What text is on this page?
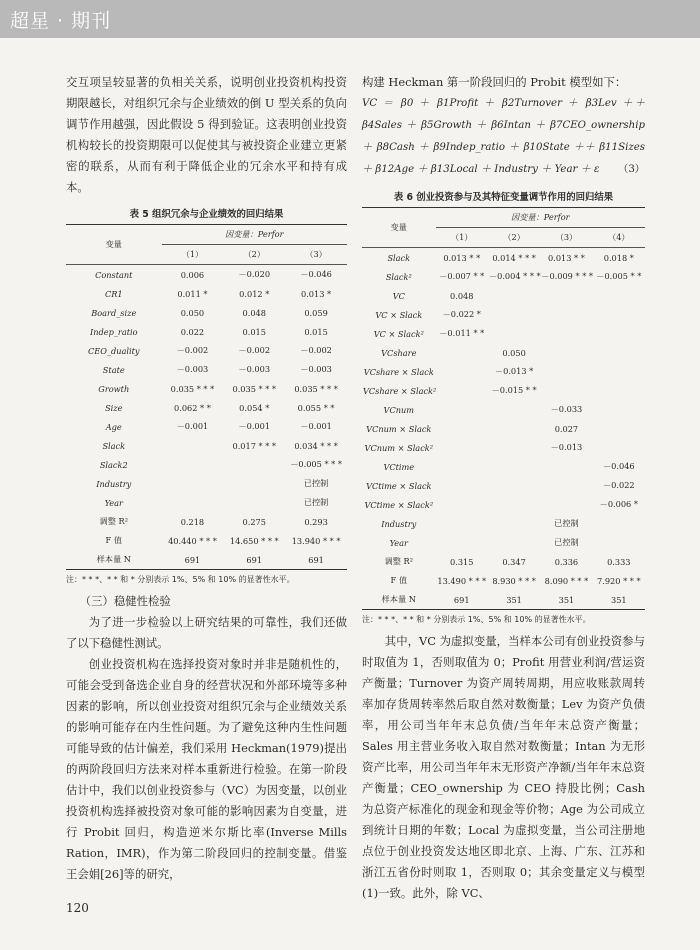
超星 · 期刊

交互项呈较显著的负相关关系，说明创业投资机构投资期限越长，对组织冗余与企业绩效的倒 U 型关系的负向调节作用越强，因此假设 5 得到验证。这表明创业投资机构较长的投资期限可以促使其与被投资企业建立更紧密的联系，从而有利于降低企业的冗余水平和持有成本。

表 5 组织冗余与企业绩效的回归结果
变量	因变量：Perfor		
	（1）	（2）	（3）
Constant	0.006	－0.020	－0.046
CR1	0.011 *	0.012 *	0.013 *
Board_size	0.050	0.048	0.059
Indep_ratio	0.022	0.015	0.015
CEO_duality	－0.002	－0.002	－0.002
State	－0.003	－0.003	－0.003
Growth	0.035 * * *	0.035 * * *	0.035 * * *
Size	0.062 * *	0.054 *	0.055 * *
Age	－0.001	－0.001	－0.001
Slack		0.017 * * *	0.034 * * *
Slack2			－0.005 * * *
Industry			已控制
Year			已控制
调整 R²	0.218	0.275	0.293
F 值	40.440 * * *	14.650 * * *	13.940 * * *
样本量 N	691	691	691
注：* * *、* * 和 * 分别表示 1%、5% 和 10% 的显著性水平。

（三）稳健性检验

为了进一步检验以上研究结果的可靠性，我们还做了以下稳健性测试。

创业投资机构在选择投资对象时并非是随机性的，可能会受到备选企业自身的经营状况和外部环境等多种因素的影响，所以创业投资对组织冗余与企业绩效关系的影响可能存在内生性问题。为了避免这种内生性问题可能导致的估计偏差，我们采用 Heckman(1979)提出的两阶段回归方法来对样本重新进行检验。在第一阶段估计中，我们以创业投资参与（VC）为因变量，以创业投资机构选择被投资对象可能的影响因素为自变量，进行 Probit 回归，构造逆米尔斯比率(Inverse Mills Ration，IMR)，作为第二阶段回归的控制变量。借鉴王会娟[26]等的研究，

构建 Heckman 第一阶段回归的 Probit 模型如下：

VC ＝ β0 ＋ β1Profit ＋ β2Turnover ＋ β3Lev ＋＋ β4Sales ＋ β5Growth ＋ β6Intan ＋ β7CEO_ownership ＋ β8Cash ＋ β9Indep_ratio ＋ β10State ＋＋ β11Sizes ＋ β12Age ＋ β13Local ＋ Industry ＋ Year ＋ ε （3）

表 6 创业投资参与及其特征变量调节作用的回归结果
变量	因变量：Perfor			
	（1）	（2）	（3）	（4）
Slack	0.013 * *	0.014 * * *	0.013 * *	0.018 *
Slack²	－0.007 * *	－0.004 * * *	－0.009 * * *	－0.005 * *
VC	0.048			
VC × Slack	－0.022 *			
VC × Slack²	－0.011 * *			
VCshare		0.050		
VCshare × Slack		－0.013 *		
VCshare × Slack²		－0.015 * *		
VCnum			－0.033	
VCnum × Slack			0.027	
VCnum × Slack²			－0.013	
VCtime				－0.046
VCtime × Slack				－0.022
VCtime × Slack²				－0.006 *
Industry			已控制	
Year			已控制	
调整 R²	0.315	0.347	0.336	0.333
F 值	13.490 * * *	8.930 * * *	8.090 * * *	7.920 * * *
样本量 N	691	351	351	351
注：* * *、* * 和 * 分别表示 1%、5% 和 10% 的显著性水平。

其中，VC 为虚拟变量，当样本公司有创业投资参与时取值为 1，否则取值为 0；Profit 用营业利润/营运资产衡量；Turnover 为资产周转周期，用应收账款周转率加存货周转率然后取自然对数衡量；Lev 为资产负债率，用公司当年年末总负债/当年年末总资产衡量；Sales 用主营业务收入取自然对数衡量；Intan 为无形资产比率，用公司当年年末无形资产净额/当年年末总资产衡量；CEO_ownership 为 CEO 持股比例；Cash 为总资产标准化的现金和现金等价物；Age 为公司成立到统计日期的年数；Local 为虚拟变量，当公司注册地点位于创业投资发达地区即北京、上海、广东、江苏和浙江五省份时则取 1，否则取 0；其余变量定义与模型(1)一致。此外，除 VC、

120
